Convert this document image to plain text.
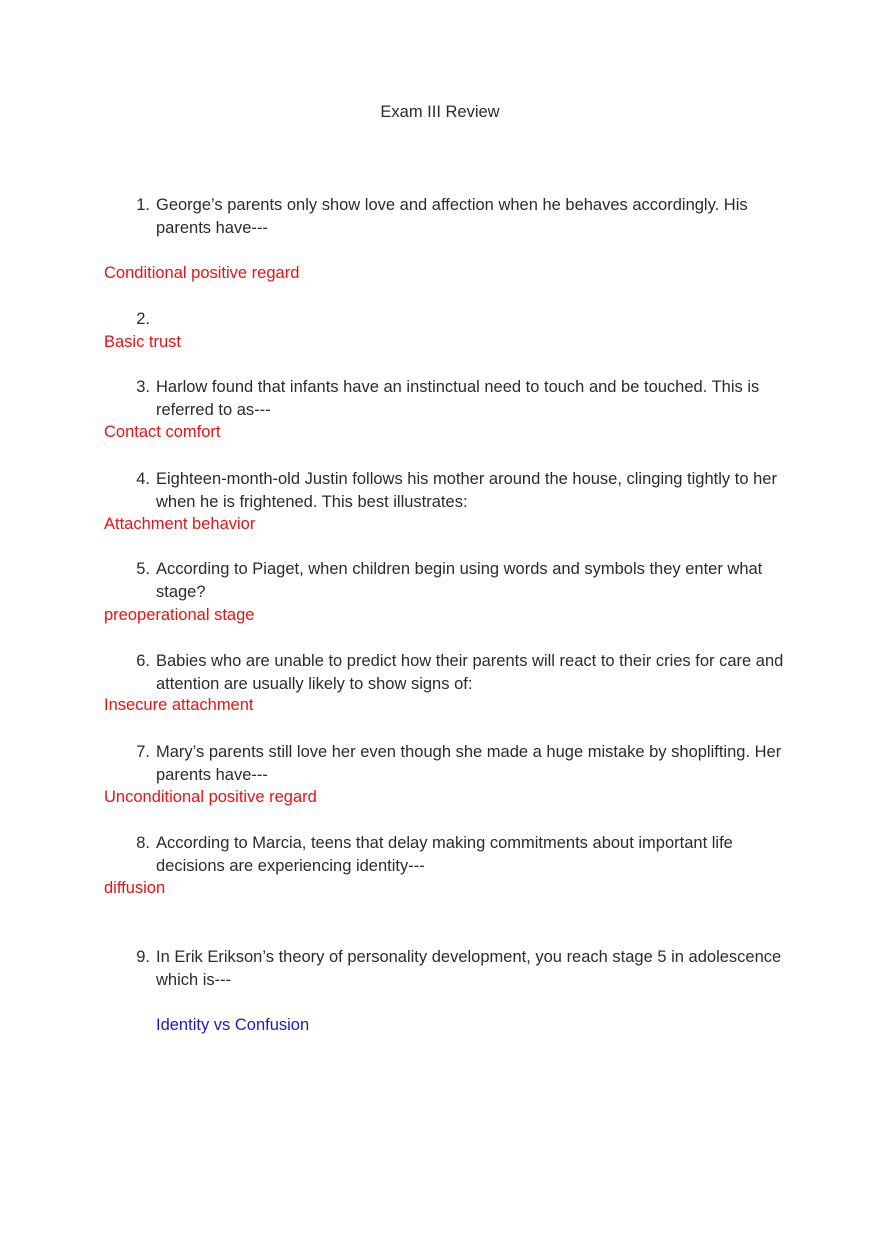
Exam III Review
1. George’s parents only show love and affection when he behaves accordingly. His parents have---
Conditional positive regard
2.
Basic trust
3. Harlow found that infants have an instinctual need to touch and be touched. This is referred to as---
Contact comfort
4. Eighteen-month-old Justin follows his mother around the house, clinging tightly to her when he is frightened. This best illustrates:
Attachment behavior
5. According to Piaget, when children begin using words and symbols they enter what stage?
preoperational stage
6. Babies who are unable to predict how their parents will react to their cries for care and attention are usually likely to show signs of:
Insecure attachment
7. Mary’s parents still love her even though she made a huge mistake by shoplifting. Her parents have---
Unconditional positive regard
8. According to Marcia, teens that delay making commitments about important life decisions are experiencing identity---
diffusion
9. In Erik Erikson’s theory of personality development, you reach stage 5 in adolescence which is---
Identity vs Confusion
